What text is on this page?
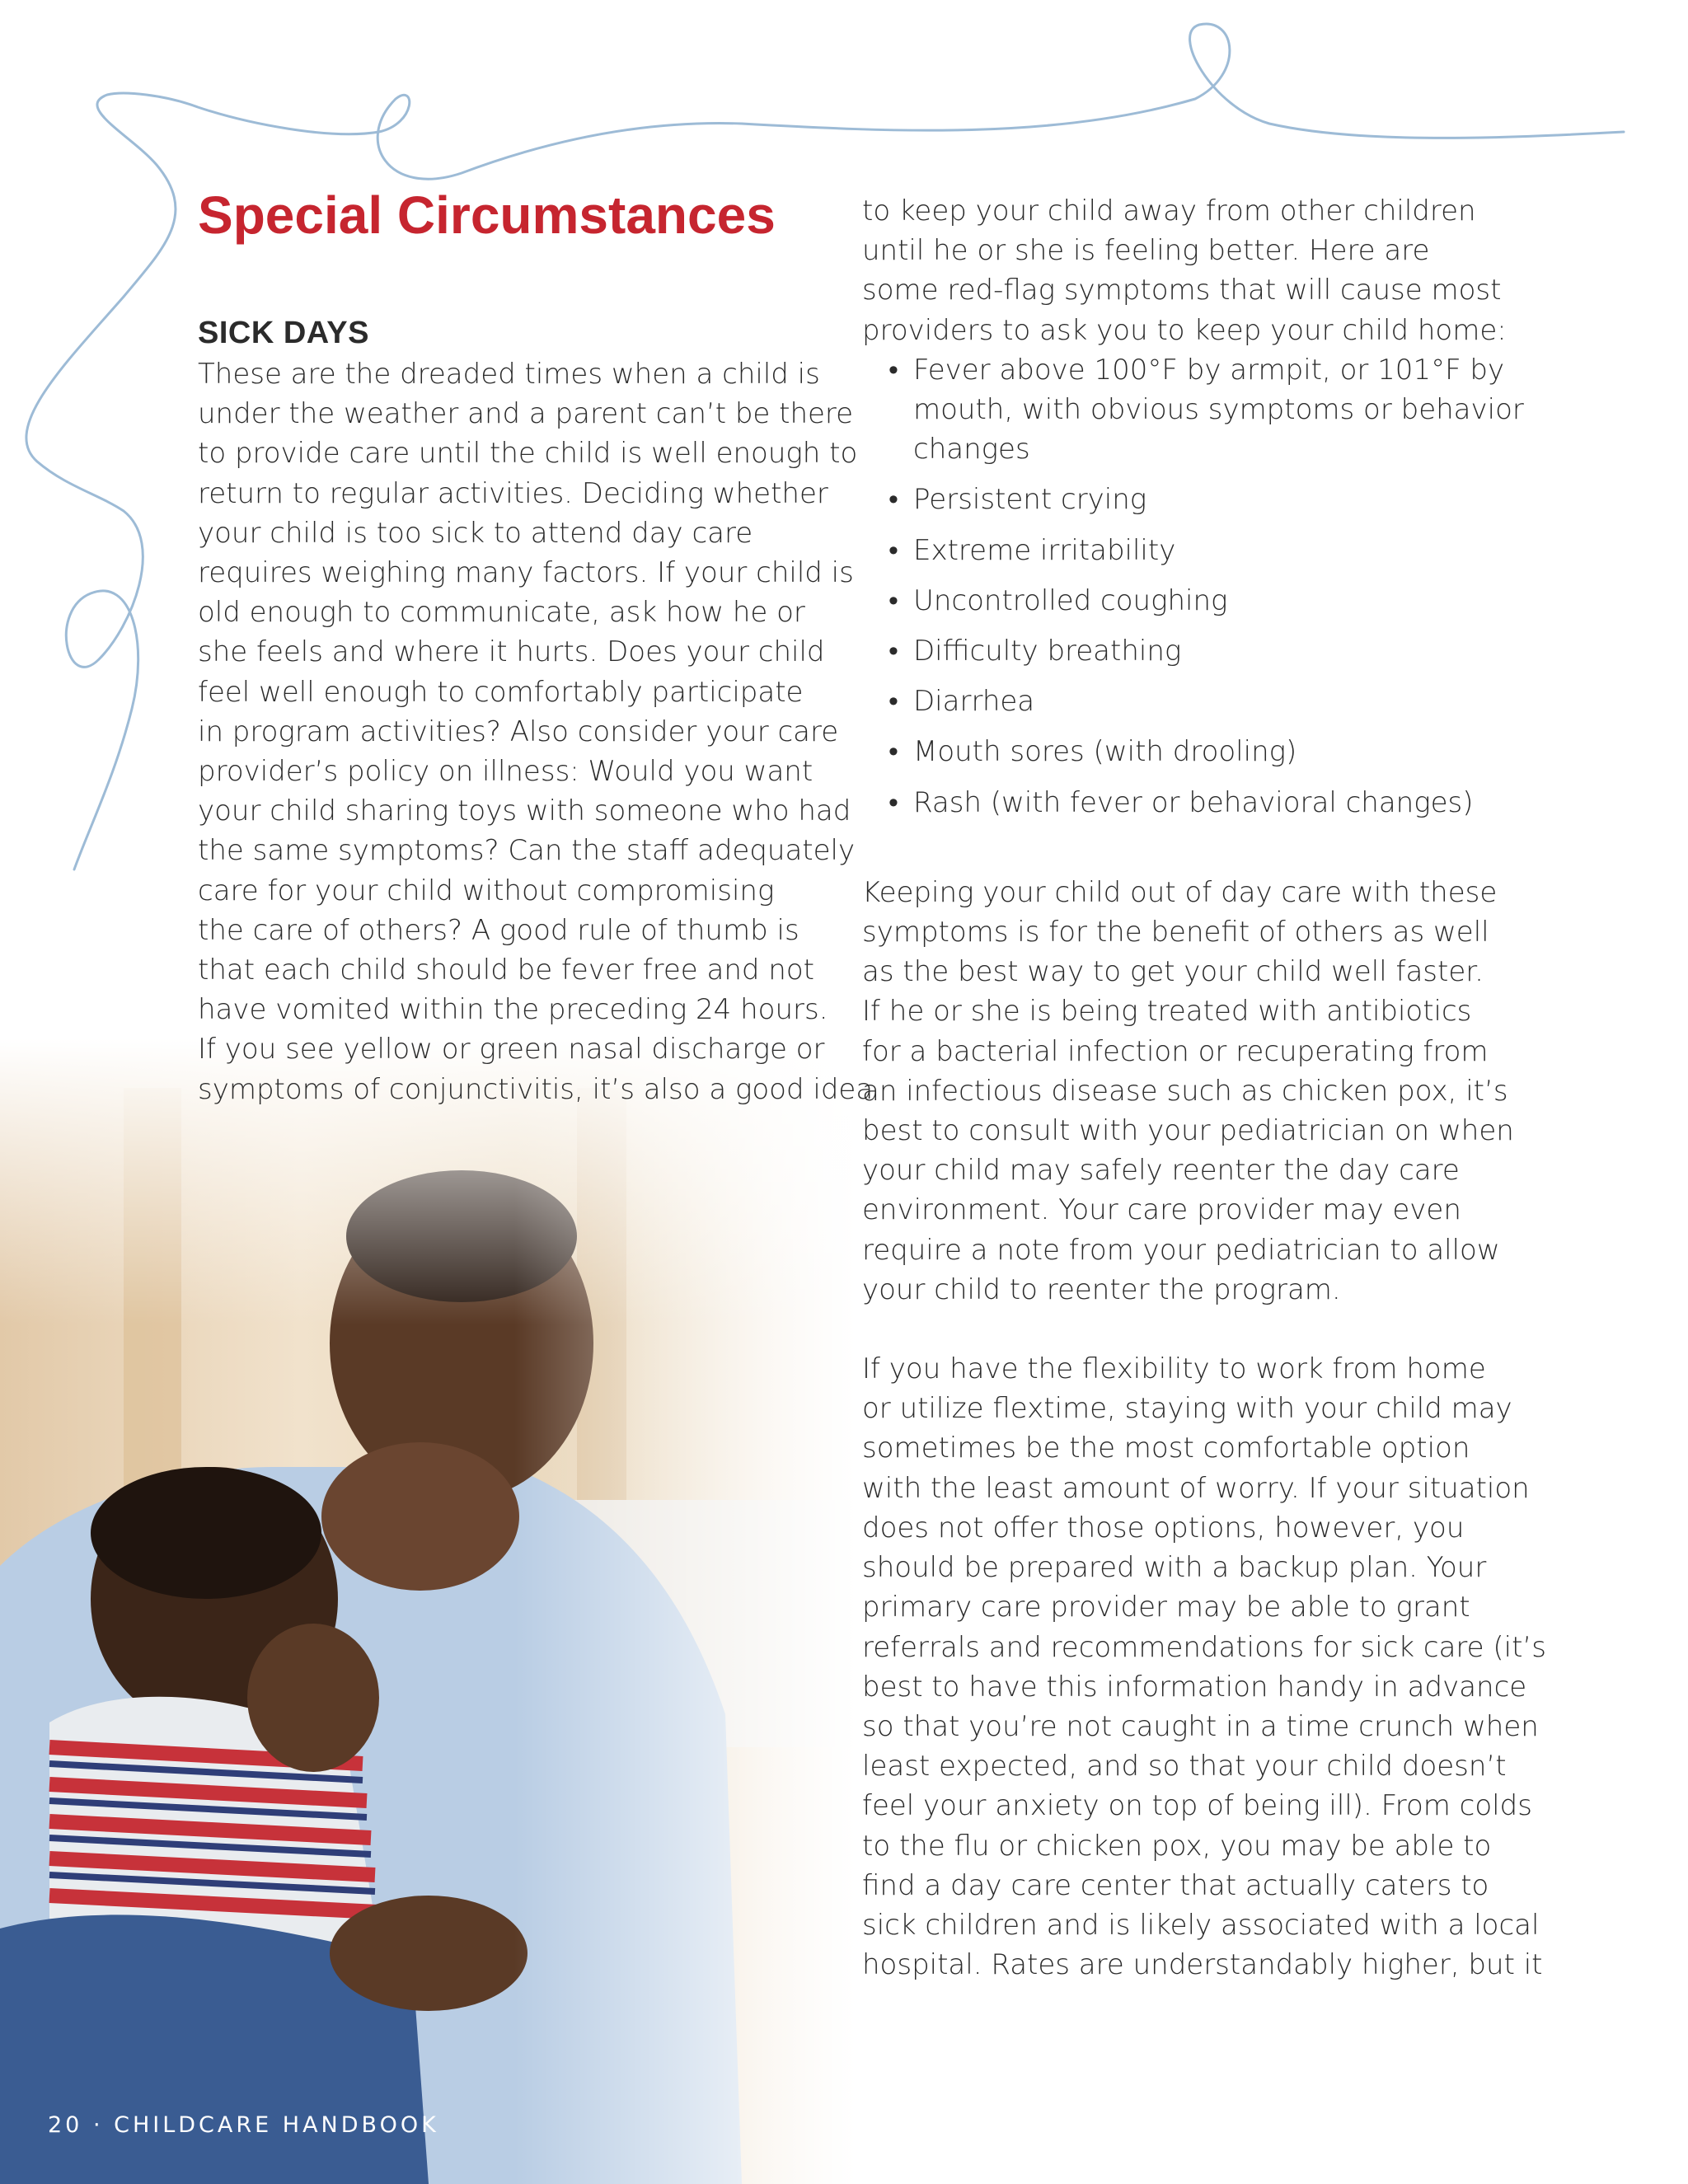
Special Circumstances
SICK DAYS
These are the dreaded times when a child is
under the weather and a parent can’t be there
to provide care until the child is well enough to
return to regular activities. Deciding whether
your child is too sick to attend day care
requires weighing many factors. If your child is
old enough to communicate, ask how he or
she feels and where it hurts. Does your child
feel well enough to comfortably participate
in program activities? Also consider your care
provider’s policy on illness: Would you want
your child sharing toys with someone who had
the same symptoms? Can the staff adequately
care for your child without compromising
the care of others? A good rule of thumb is
that each child should be fever free and not
have vomited within the preceding 24 hours.
If you see yellow or green nasal discharge or
symptoms of conjunctivitis, it’s also a good idea
to keep your child away from other children
until he or she is feeling better. Here are
some red-flag symptoms that will cause most
providers to ask you to keep your child home:
• Fever above 100°F by armpit, or 101°F by
mouth, with obvious symptoms or behavior
changes
• Persistent crying
• Extreme irritability
• Uncontrolled coughing
• Difficulty breathing
• Diarrhea
• Mouth sores (with drooling)
• Rash (with fever or behavioral changes)
Keeping your child out of day care with these
symptoms is for the benefit of others as well
as the best way to get your child well faster.
If he or she is being treated with antibiotics
for a bacterial infection or recuperating from
an infectious disease such as chicken pox, it’s
best to consult with your pediatrician on when
your child may safely reenter the day care
environment. Your care provider may even
require a note from your pediatrician to allow
your child to reenter the program.
If you have the flexibility to work from home
or utilize flextime, staying with your child may
sometimes be the most comfortable option
with the least amount of worry. If your situation
does not offer those options, however, you
should be prepared with a backup plan. Your
primary care provider may be able to grant
referrals and recommendations for sick care (it’s
best to have this information handy in advance
so that you’re not caught in a time crunch when
least expected, and so that your child doesn’t
feel your anxiety on top of being ill). From colds
to the flu or chicken pox, you may be able to
find a day care center that actually caters to
sick children and is likely associated with a local
hospital. Rates are understandably higher, but it
20 · CHILDCARE HANDBOOK
